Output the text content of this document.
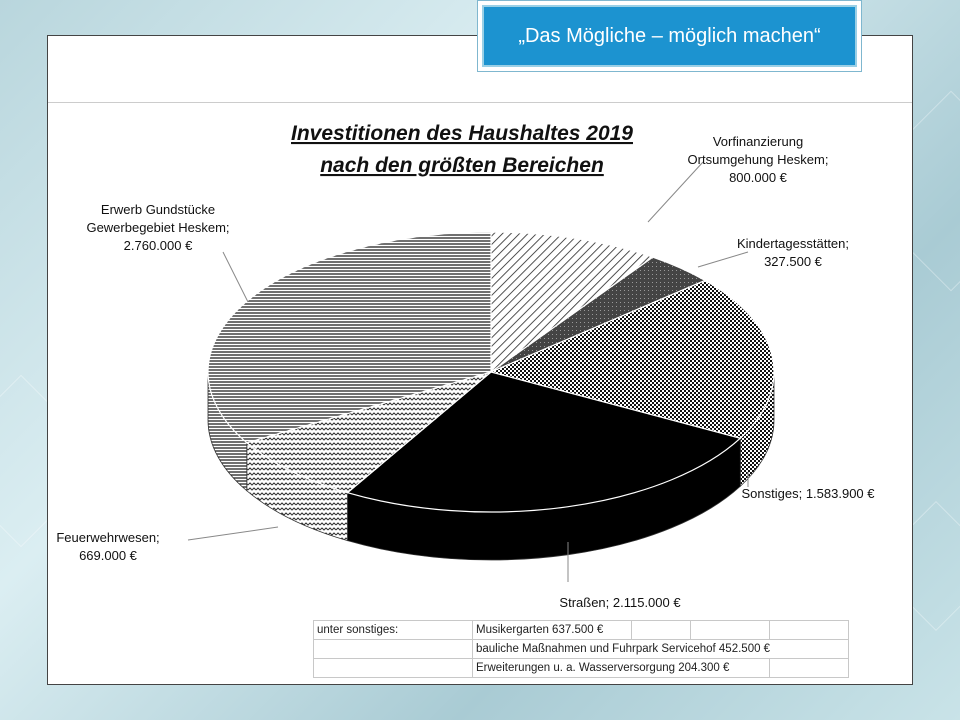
„Das Mögliche – möglich machen“
Vorfinanzierung Ortsumgehung Heskem; 800.000 €
Kindertagesstätten; 327.500 €
Sonstiges; 1.583.900 €
Straßen; 2.115.000 €
Feuerwehrwesen; 669.000 €
Erwerb Gundstücke Gewerbegebiet Heskem; 2.760.000 €
Investitionen des Haushaltes 2019
nach den größten Bereichen
unter sonstiges:	Musikergarten 637.500 €			
	bauliche Maßnahmen und Fuhrpark Servicehof 452.500 €			
	Erweiterungen u. a. Wasserversorgung 204.300 €			
